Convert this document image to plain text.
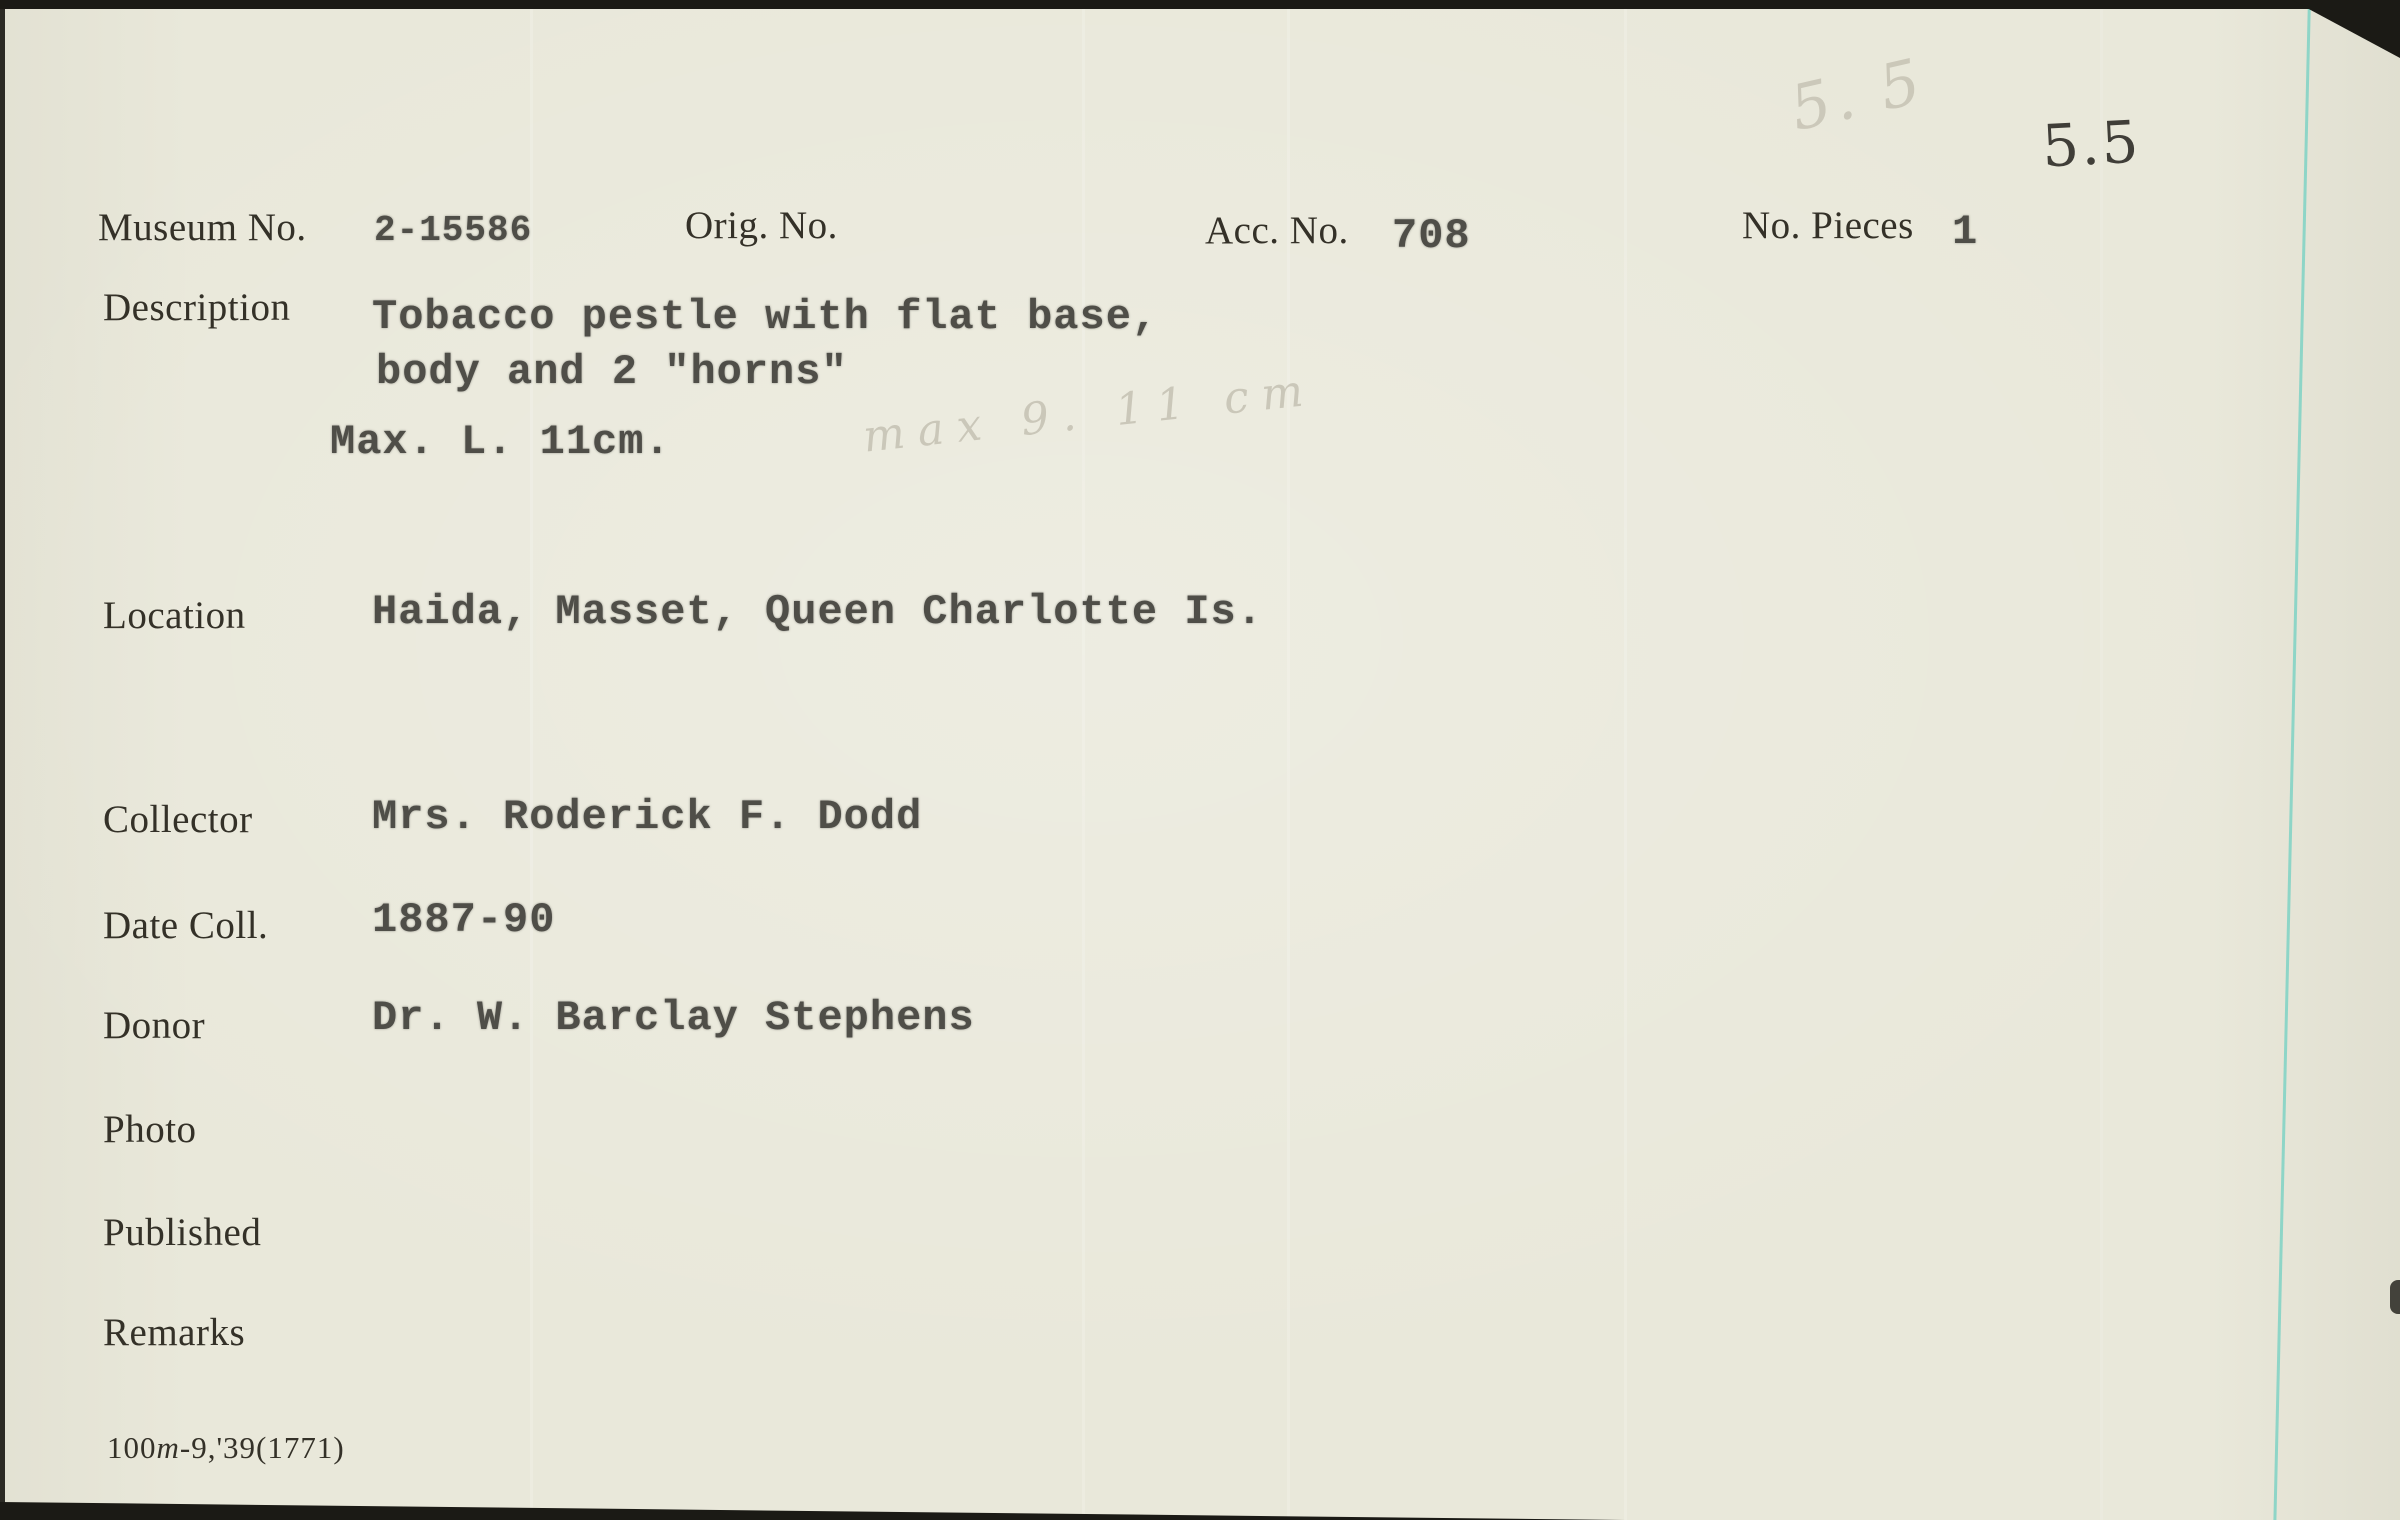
5. 5 5.5
max 9. 11 cm
Museum No. 2-15586	Orig. No.	Acc. No. 708	No. Pieces 1
Description Tobacco pestle with flat base,
body and 2 "horns"
Max. L. 11cm.
Location	Haida, Masset, Queen Charlotte Is.
Collector	Mrs. Roderick F. Dodd
Date Coll. 1887-90
Donor	Dr. W. Barclay Stephens
Photo
Published
Remarks
100m-9,'39(1771)
